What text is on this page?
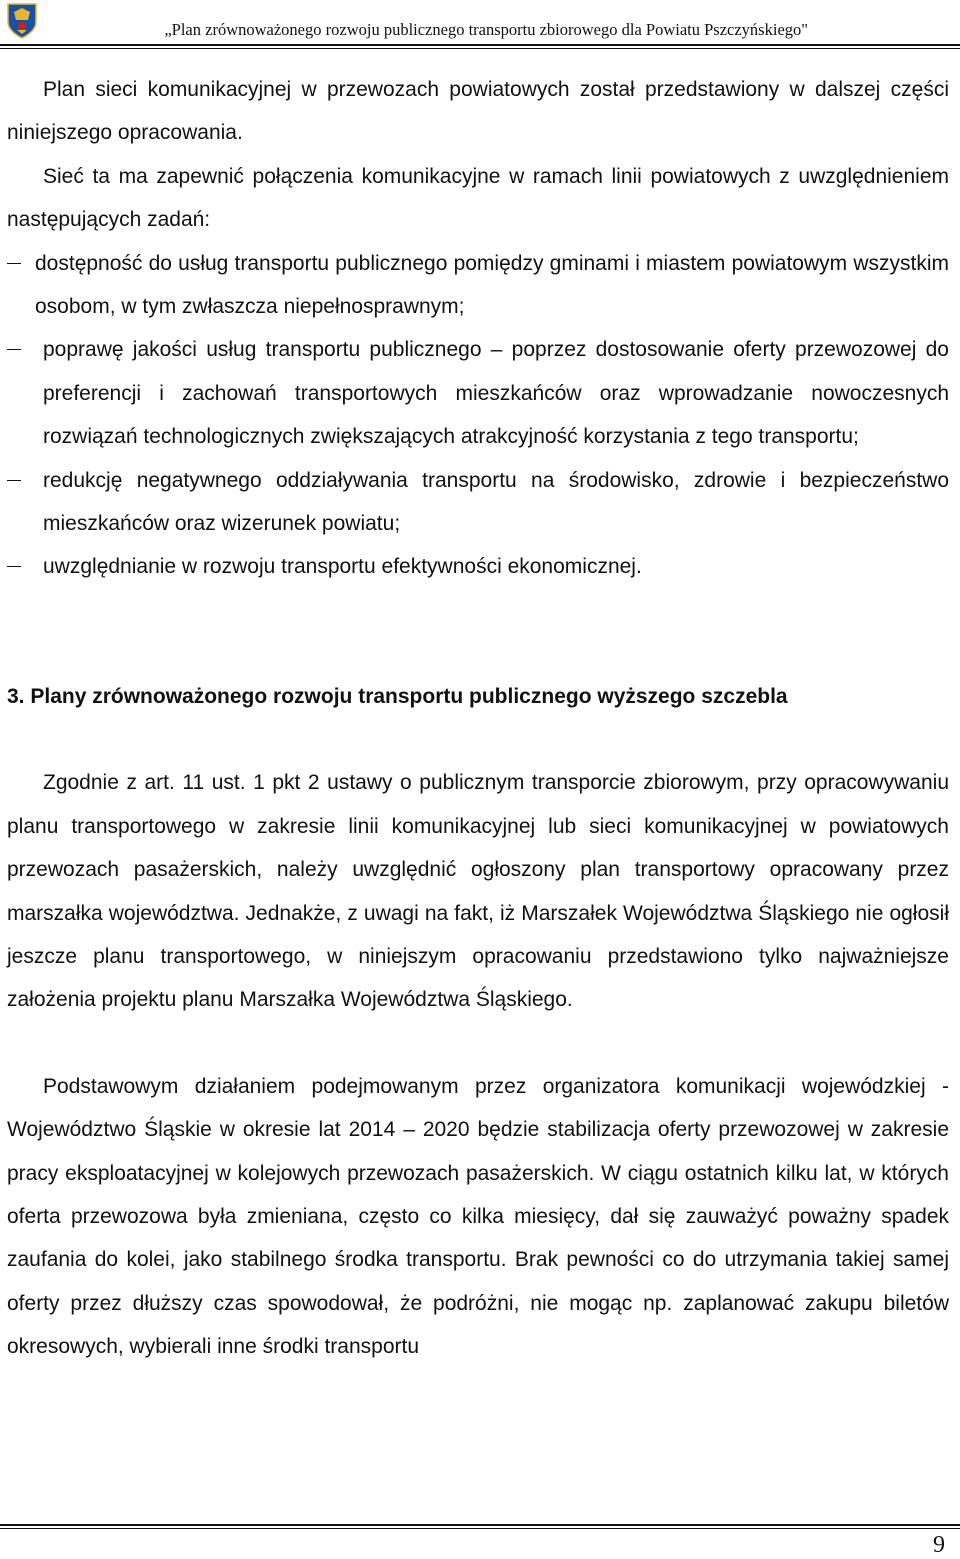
„Plan zrównoważonego rozwoju publicznego transportu zbiorowego dla Powiatu Pszczyńskiego"

Plan sieci komunikacyjnej w przewozach powiatowych został przedstawiony w dalszej części niniejszego opracowania.

Sieć ta ma zapewnić połączenia komunikacyjne w ramach linii powiatowych z uwzględnieniem następujących zadań:

dostępność do usług transportu publicznego pomiędzy gminami i miastem powiatowym wszystkim osobom, w tym zwłaszcza niepełnosprawnym;
poprawę jakości usług transportu publicznego – poprzez dostosowanie oferty przewozowej do preferencji i zachowań transportowych mieszkańców oraz wprowadzanie nowoczesnych rozwiązań technologicznych zwiększających atrakcyjność korzystania z tego transportu;
redukcję negatywnego oddziaływania transportu na środowisko, zdrowie i bezpieczeństwo mieszkańców oraz wizerunek powiatu;
uwzględnianie w rozwoju transportu efektywności ekonomicznej.
3. Plany zrównoważonego rozwoju transportu publicznego wyższego szczebla

Zgodnie z art. 11 ust. 1 pkt 2 ustawy o publicznym transporcie zbiorowym, przy opracowywaniu planu transportowego w zakresie linii komunikacyjnej lub sieci komunikacyjnej w powiatowych przewozach pasażerskich, należy uwzględnić ogłoszony plan transportowy opracowany przez marszałka województwa. Jednakże, z uwagi na fakt, iż Marszałek Województwa Śląskiego nie ogłosił jeszcze planu transportowego, w niniejszym opracowaniu przedstawiono tylko najważniejsze założenia projektu planu Marszałka Województwa Śląskiego.

Podstawowym działaniem podejmowanym przez organizatora komunikacji wojewódzkiej - Województwo Śląskie w okresie lat 2014 – 2020 będzie stabilizacja oferty przewozowej w zakresie pracy eksploatacyjnej w kolejowych przewozach pasażerskich. W ciągu ostatnich kilku lat, w których oferta przewozowa była zmieniana, często co kilka miesięcy, dał się zauważyć poważny spadek zaufania do kolei, jako stabilnego środka transportu. Brak pewności co do utrzymania takiej samej oferty przez dłuższy czas spowodował, że podróżni, nie mogąc np. zaplanować zakupu biletów okresowych, wybierali inne środki transportu

9
